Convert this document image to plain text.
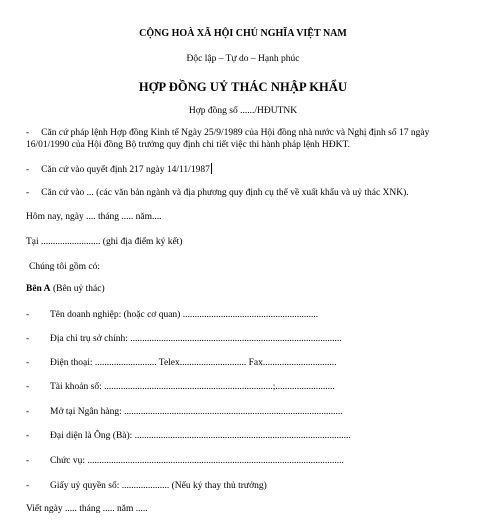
CỘNG HOÀ XÃ HỘI CHỦ NGHĨA VIỆT NAM
Độc lập – Tự do – Hạnh phúc
HỢP ĐỒNG UỶ THÁC NHẬP KHẨU
Hợp đồng số ....../HĐUTNK
- Căn cứ pháp lệnh Hợp đồng Kinh tế Ngày 25/9/1989 của Hội đồng nhà nước và Nghị định số 17 ngày
16/01/1990 của Hội đồng Bộ trưởng quy định chi tiết việc thi hành pháp lệnh HĐKT.
- Căn cứ vào quyết định 217 ngày 14/11/1987
- Căn cứ vào ... (các văn bản ngành và địa phương quy định cụ thể về xuất khẩu và uỷ thác XNK).
Hôm nay, ngày .... tháng ..... năm....
Tại ......................... (ghi địa điểm ký kết)
Chúng tôi gồm có:
Bên A (Bên uỷ thác)
- Tên doanh nghiệp: (hoặc cơ quan) .........................................................
- Địa chỉ trụ sở chính: .........................................................................................
- Điện thoại: .......................... Telex............................ Fax...............................
- Tài khoản số: .......................................................................;.........................
- Mở tại Ngân hàng: ............................................................................................
- Đại diện là Ông (Bà): ...........................................................................................
- Chức vụ: ............................................................................................................
- Giấy uỷ quyền số: .................... (Nếu ký thay thủ trưởng)
Viết ngày ..... tháng ..... năm .....
